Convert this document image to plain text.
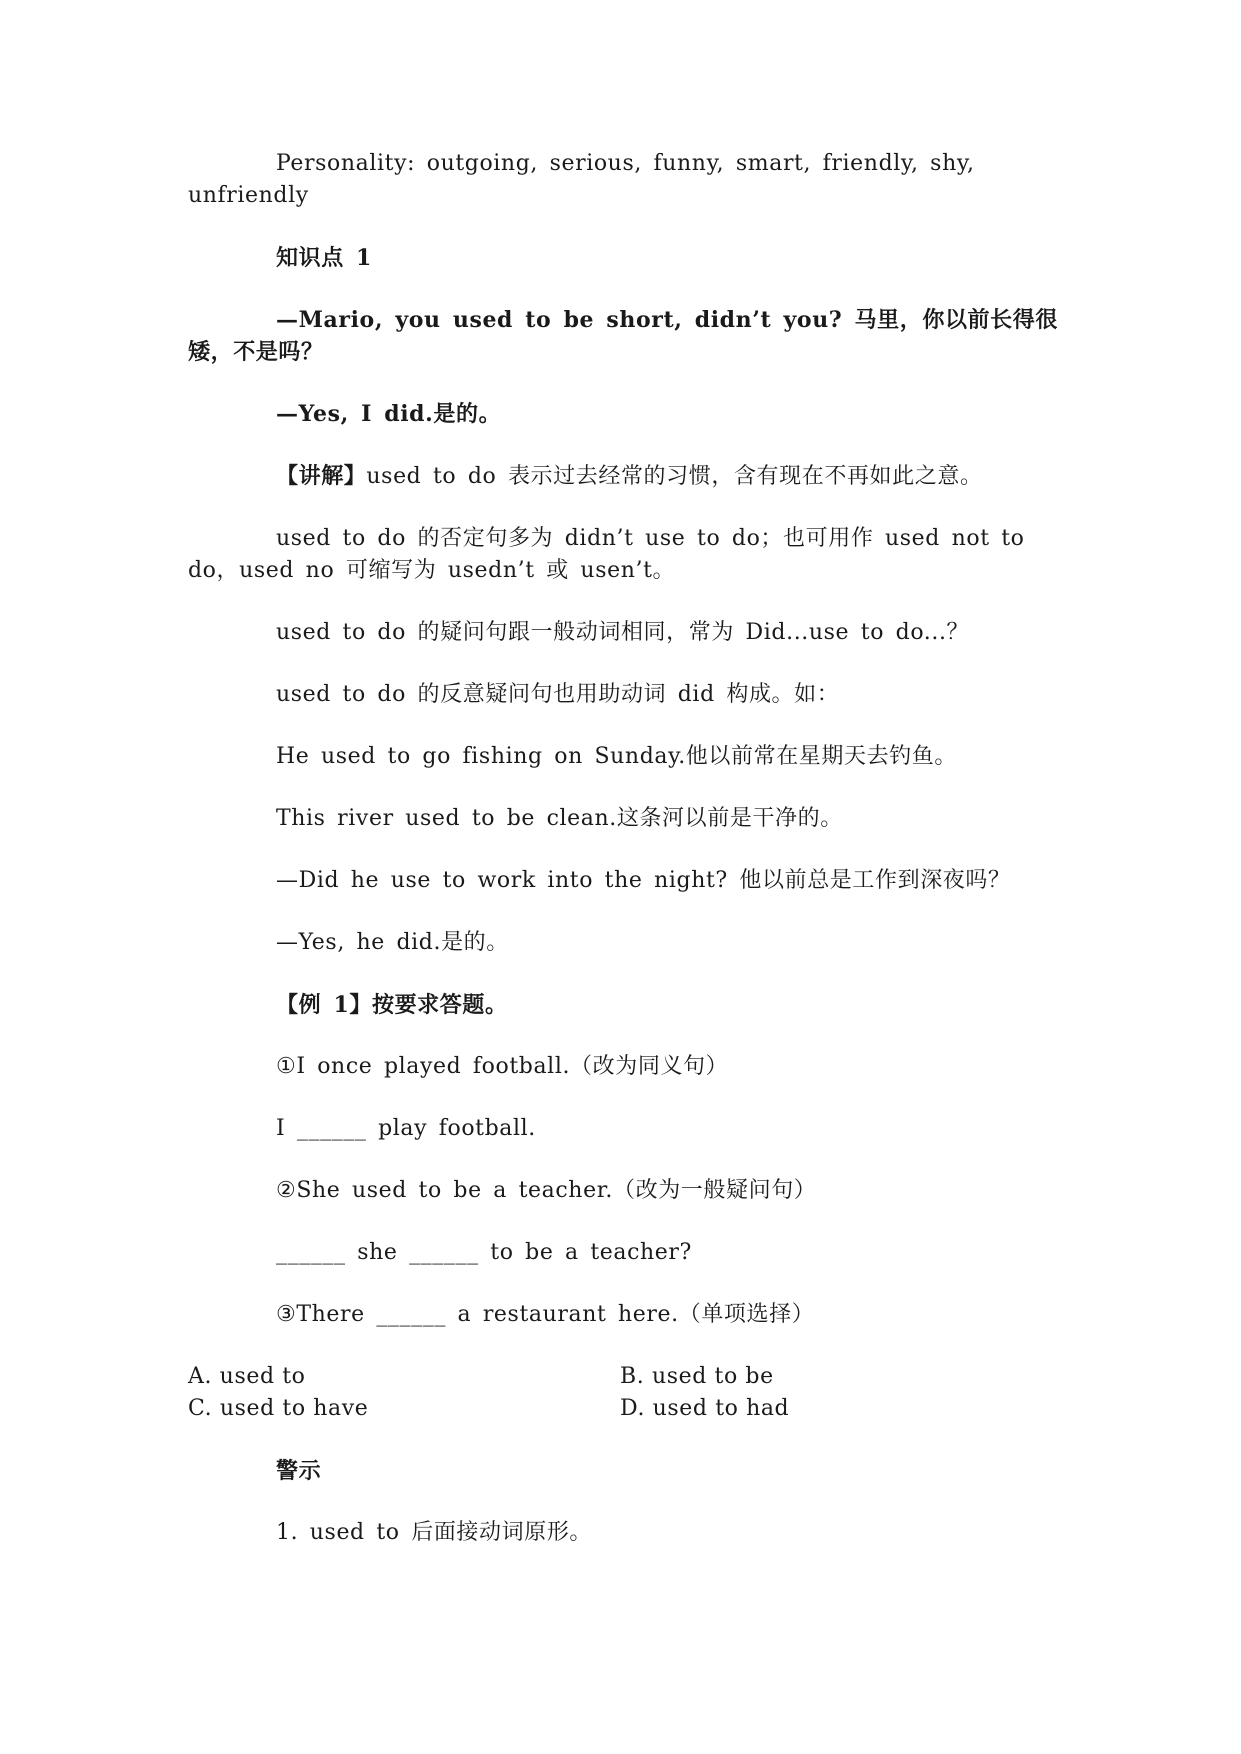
Personality: outgoing, serious, funny, smart, friendly, shy, unfriendly

知识点 1

—Mario, you used to be short, didn’t you? 马里，你以前长得很矮，不是吗？

—Yes, I did.是的。

【讲解】used to do 表示过去经常的习惯，含有现在不再如此之意。

used to do 的否定句多为 didn’t use to do；也可用作 used not to do，used no 可缩写为 usedn’t 或 usen’t。

used to do 的疑问句跟一般动词相同，常为 Did...use to do...？

used to do 的反意疑问句也用助动词 did 构成。如：

He used to go fishing on Sunday.他以前常在星期天去钓鱼。

This river used to be clean.这条河以前是干净的。

—Did he use to work into the night? 他以前总是工作到深夜吗？

—Yes, he did.是的。

【例 1】按要求答题。

①I once played football.（改为同义句）

I ______ play football.

②She used to be a teacher.（改为一般疑问句）

______ she ______ to be a teacher?

③There ______ a restaurant here.（单项选择）

A. used to	B. used to be
C. used to have	D. used to had

警示

1. used to 后面接动词原形。
